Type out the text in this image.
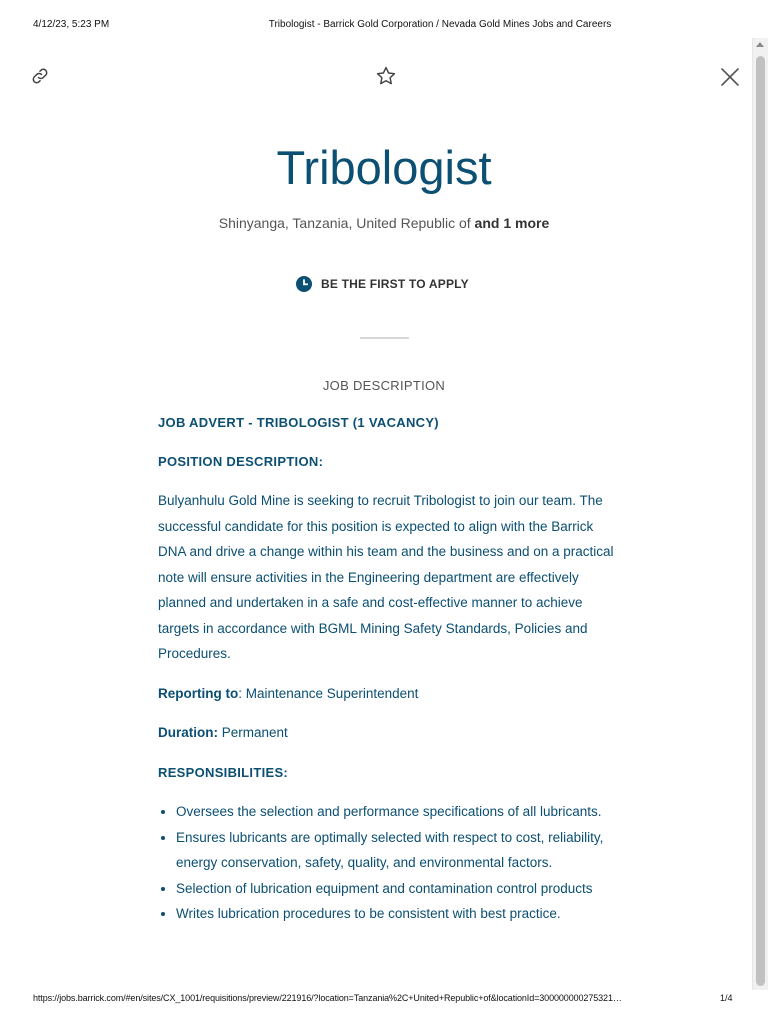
4/12/23, 5:23 PM	Tribologist - Barrick Gold Corporation / Nevada Gold Mines Jobs and Careers
Tribologist
Shinyanga, Tanzania, United Republic of and 1 more
BE THE FIRST TO APPLY
JOB DESCRIPTION

JOB ADVERT - TRIBOLOGIST (1 VACANCY)

POSITION DESCRIPTION:

Bulyanhulu Gold Mine is seeking to recruit Tribologist to join our team. The successful candidate for this position is expected to align with the Barrick DNA and drive a change within his team and the business and on a practical note will ensure activities in the Engineering department are effectively planned and undertaken in a safe and cost-effective manner to achieve targets in accordance with BGML Mining Safety Standards, Policies and Procedures.

Reporting to: Maintenance Superintendent

Duration: Permanent

RESPONSIBILITIES:

• Oversees the selection and performance specifications of all lubricants.
• Ensures lubricants are optimally selected with respect to cost, reliability, energy conservation, safety, quality, and environmental factors.
• Selection of lubrication equipment and contamination control products
• Writes lubrication procedures to be consistent with best practice.
https://jobs.barrick.com/#en/sites/CX_1001/requisitions/preview/221916/?location=Tanzania%2C+United+Republic+of&locationId=300000000275321…	1/4
